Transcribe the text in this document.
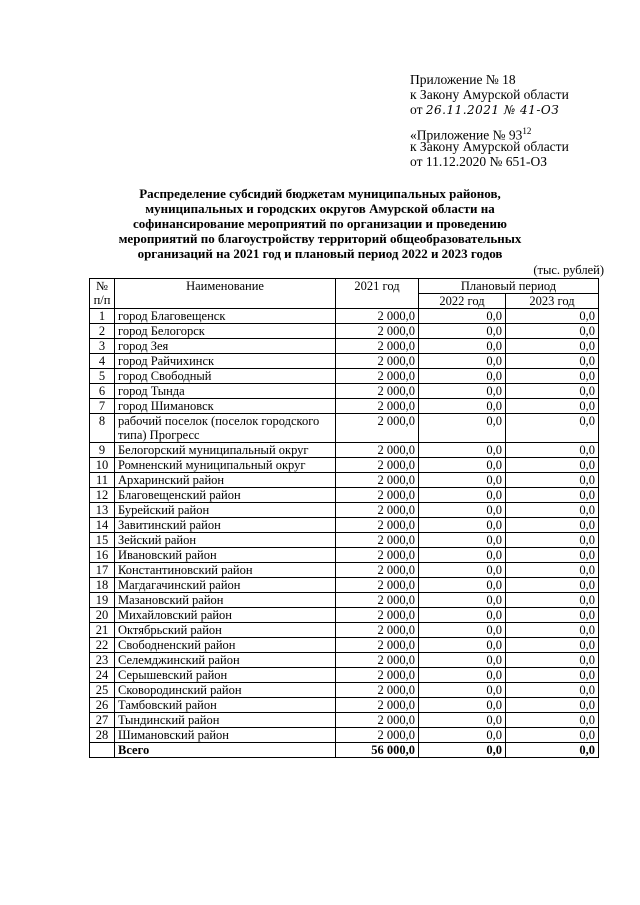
Приложение № 18
к Закону Амурской области
от 26.11.2021 № 41-ОЗ
«Приложение № $93^{12}$
к Закону Амурской области
от 11.12.2020 № 651-ОЗ
Распределение субсидий бюджетам муниципальных районов,
муниципальных и городских округов Амурской области на
софинансирование мероприятий по организации и проведению
мероприятий по благоустройству территорий общеобразовательных
организаций на 2021 год и плановый период 2022 и 2023 годов
(тыс. рублей)
№
п/п	Наименование	2021 год	Плановый период	
			2022 год	2023 год
1	город Благовещенск	2 000,0	0,0	0,0
2	город Белогорск	2 000,0	0,0	0,0
3	город Зея	2 000,0	0,0	0,0
4	город Райчихинск	2 000,0	0,0	0,0
5	город Свободный	2 000,0	0,0	0,0
6	город Тында	2 000,0	0,0	0,0
7	город Шимановск	2 000,0	0,0	0,0
8	рабочий поселок (поселок городского типа) Прогресс	2 000,0	0,0	0,0
9	Белогорский муниципальный округ	2 000,0	0,0	0,0
10	Ромненский муниципальный округ	2 000,0	0,0	0,0
11	Архаринский район	2 000,0	0,0	0,0
12	Благовещенский район	2 000,0	0,0	0,0
13	Бурейский район	2 000,0	0,0	0,0
14	Завитинский район	2 000,0	0,0	0,0
15	Зейский район	2 000,0	0,0	0,0
16	Ивановский район	2 000,0	0,0	0,0
17	Константиновский район	2 000,0	0,0	0,0
18	Магдагачинский район	2 000,0	0,0	0,0
19	Мазановский район	2 000,0	0,0	0,0
20	Михайловский район	2 000,0	0,0	0,0
21	Октябрьский район	2 000,0	0,0	0,0
22	Свободненский район	2 000,0	0,0	0,0
23	Селемджинский район	2 000,0	0,0	0,0
24	Серышевский район	2 000,0	0,0	0,0
25	Сковородинский район	2 000,0	0,0	0,0
26	Тамбовский район	2 000,0	0,0	0,0
27	Тындинский район	2 000,0	0,0	0,0
28	Шимановский район	2 000,0	0,0	0,0
	Всего	56 000,0	0,0	0,0
